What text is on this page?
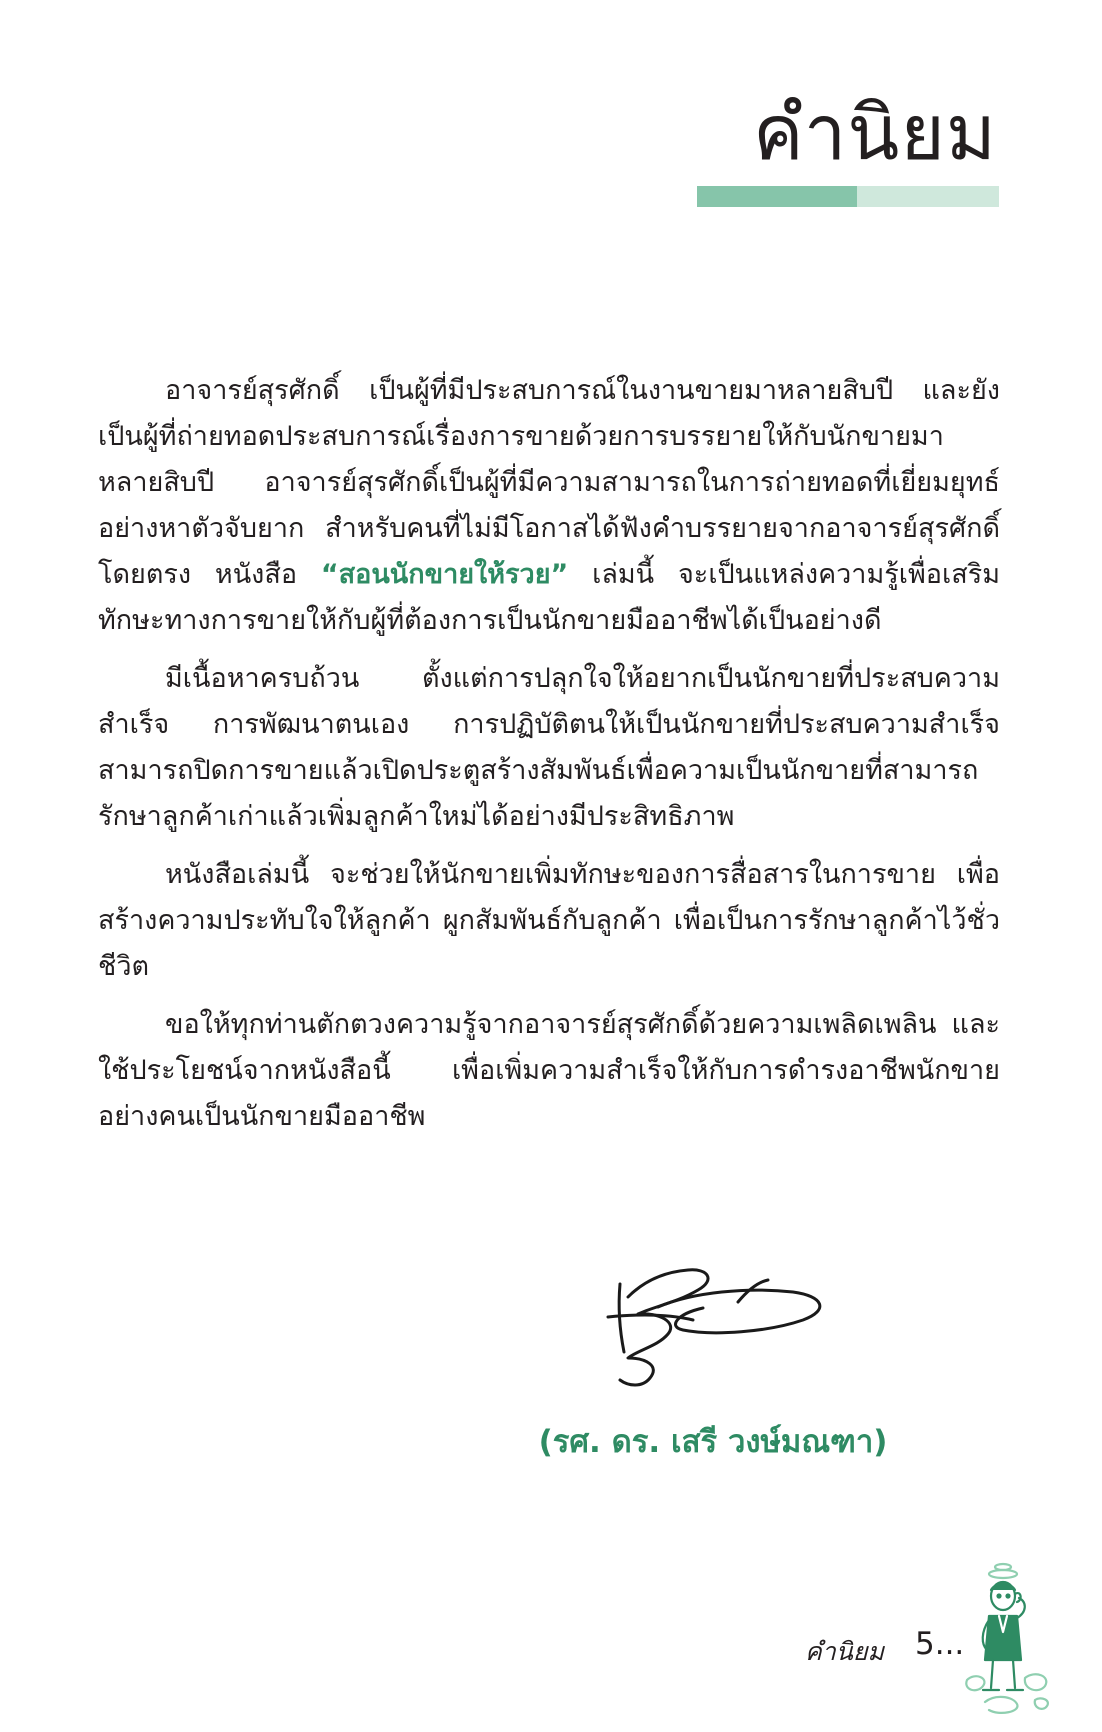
คำนิยม

อาจารย์สุรศักดิ์ เป็นผู้ที่มีประสบการณ์ในงานขายมาหลายสิบปี และยังเป็นผู้ที่ถ่ายทอดประสบการณ์เรื่องการขายด้วยการบรรยายให้กับนักขายมาหลายสิบปี อาจารย์สุรศักดิ์เป็นผู้ที่มีความสามารถในการถ่ายทอดที่เยี่ยมยุทธ์อย่างหาตัวจับยาก สำหรับคนที่ไม่มีโอกาสได้ฟังคำบรรยายจากอาจารย์สุรศักดิ์โดยตรง หนังสือ “สอนนักขายให้รวย” เล่มนี้ จะเป็นแหล่งความรู้เพื่อเสริมทักษะทางการขายให้กับผู้ที่ต้องการเป็นนักขายมืออาชีพได้เป็นอย่างดี

มีเนื้อหาครบถ้วน ตั้งแต่การปลุกใจให้อยากเป็นนักขายที่ประสบความสำเร็จ การพัฒนาตนเอง การปฏิบัติตนให้เป็นนักขายที่ประสบความสำเร็จ สามารถปิดการขายแล้วเปิดประตูสร้างสัมพันธ์เพื่อความเป็นนักขายที่สามารถรักษาลูกค้าเก่าแล้วเพิ่มลูกค้าใหม่ได้อย่างมีประสิทธิภาพ

หนังสือเล่มนี้ จะช่วยให้นักขายเพิ่มทักษะของการสื่อสารในการขาย เพื่อสร้างความประทับใจให้ลูกค้า ผูกสัมพันธ์กับลูกค้า เพื่อเป็นการรักษาลูกค้าไว้ชั่วชีวิต

ขอให้ทุกท่านตักตวงความรู้จากอาจารย์สุรศักดิ์ด้วยความเพลิดเพลิน และใช้ประโยชน์จากหนังสือนี้ เพื่อเพิ่มความสำเร็จให้กับการดำรงอาชีพนักขายอย่างคนเป็นนักขายมืออาชีพ

(รศ. ดร. เสรี วงษ์มณฑา)
คำนิยม 5...
